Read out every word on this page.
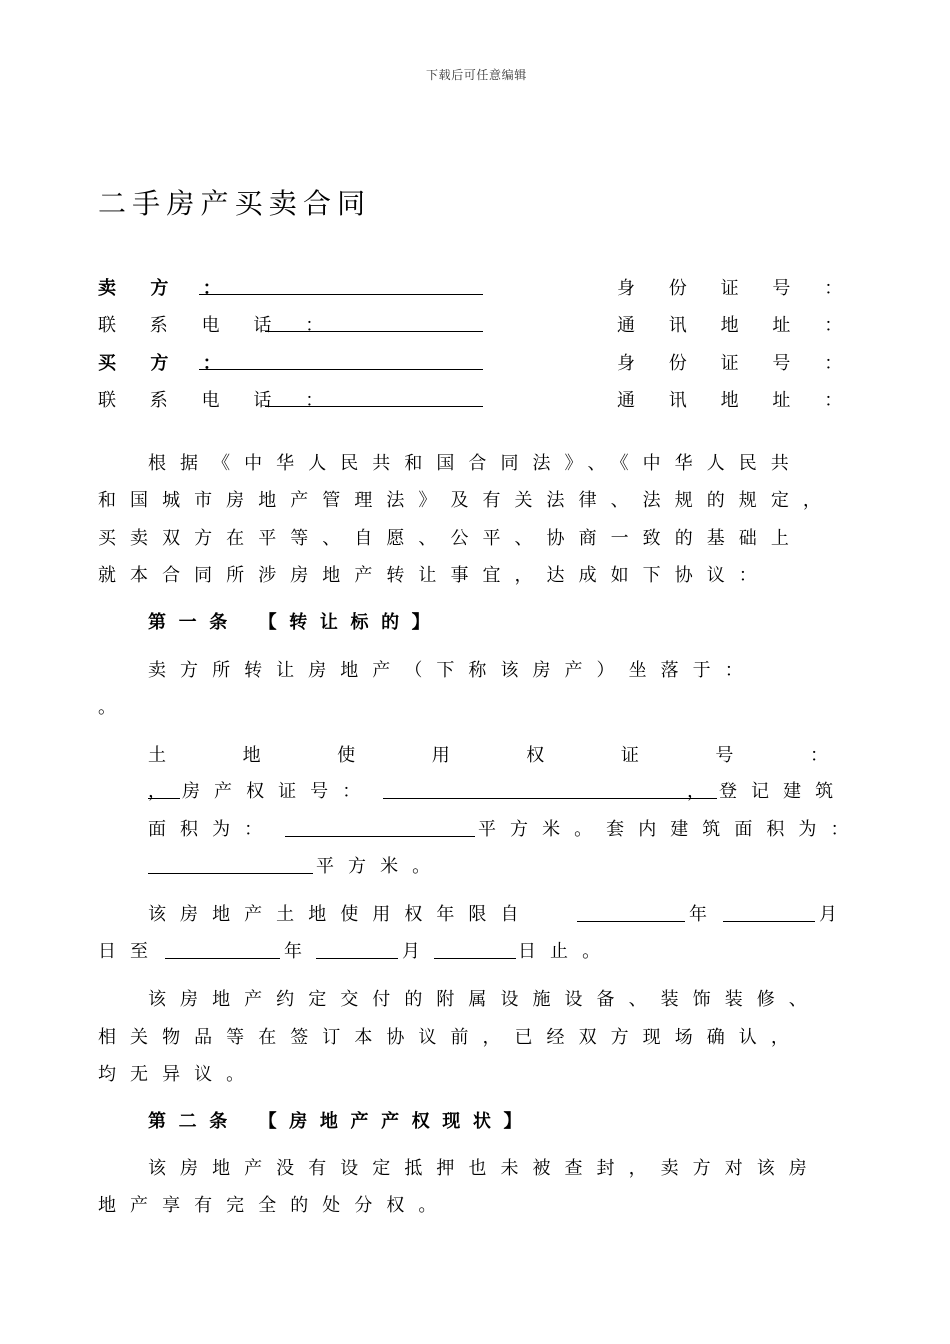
下载后可任意编辑
二手房产买卖合同
卖 方 ：	身 份 证 号 ：
联 系 电 话 ：	通 讯 地 址 ：
买 方 ：	身 份 证 号 ：
联 系 电 话 ：	通 讯 地 址 ：
根据《中华人民共和国合同法》、《中华人民共
和国城市房地产管理法》及有关法律、法规的规定，
买卖双方在平等、自愿、公平、协商一致的基础上
就本合同所涉房地产转让事宜，达成如下协议：
第一条 【转让标的】
卖方所转让房地产（下称该房产）坐落于：
。
土	地	使	用	权	证	号	：
， 房产权证号：	， 登记建筑
面积为：	平方米。套内建筑面积为：
平方米。
该房地产土地使用权年限自	年	月
日至	年	月	日止。
该房地产约定交付的附属设施设备、装饰装修、
相关物品等在签订本协议前，已经双方现场确认，
均无异议。
第二条 【房地产产权现状】
该房地产没有设定抵押也未被查封，卖方对该房
地产享有完全的处分权。
